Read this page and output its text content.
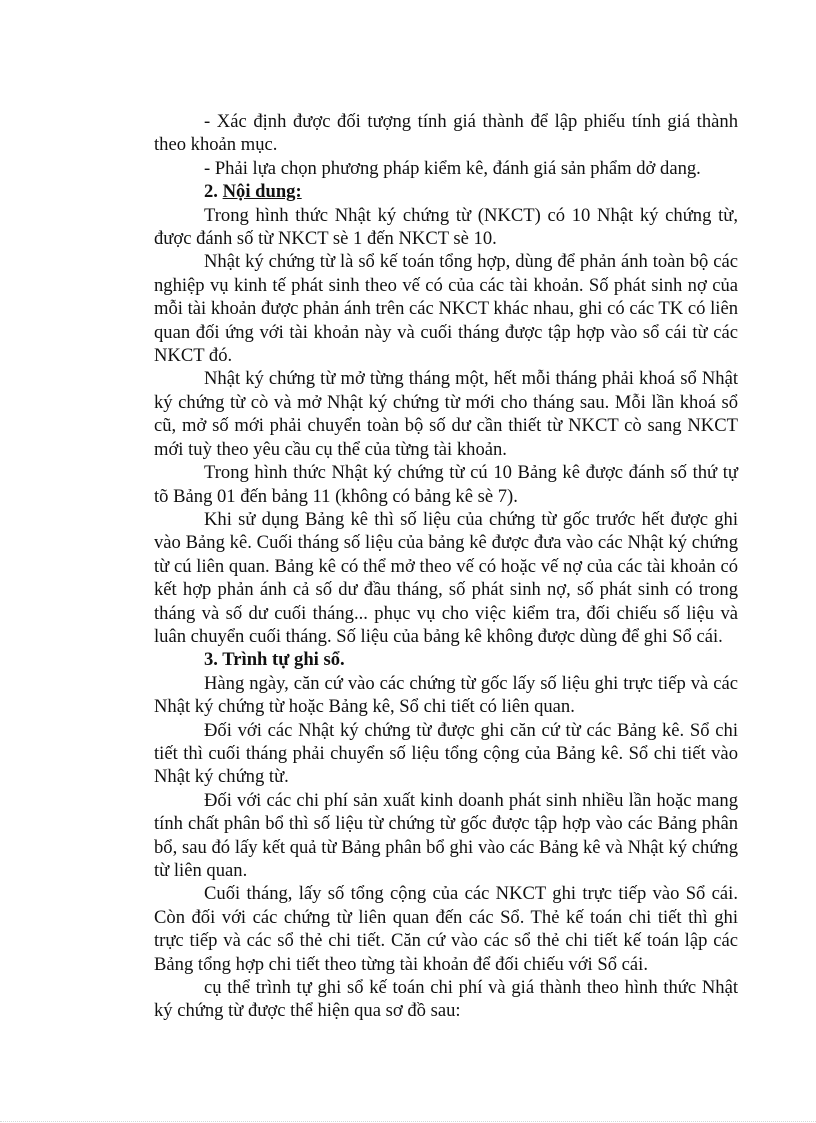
- Xác định được đối tượng tính giá thành để lập phiếu tính giá thành theo khoản mục.

- Phải lựa chọn phương pháp kiểm kê, đánh giá sản phẩm dở dang.

2. Nội dung:

Trong hình thức Nhật ký chứng từ (NKCT) có 10 Nhật ký chứng từ, được đánh số từ NKCT sè 1 đến NKCT sè 10.

Nhật ký chứng từ là sổ kế toán tổng hợp, dùng để phản ánh toàn bộ các nghiệp vụ kinh tế phát sinh theo vế có của các tài khoản. Số phát sinh nợ của mỗi tài khoản được phản ánh trên các NKCT khác nhau, ghi có các TK có liên quan đối ứng với tài khoản này và cuối tháng được tập hợp vào sổ cái từ các NKCT đó.

Nhật ký chứng từ mở từng tháng một, hết mỗi tháng phải khoá sổ Nhật ký chứng từ cò và mở Nhật ký chứng từ mới cho tháng sau. Mỗi lần khoá sổ cũ, mở số mới phải chuyển toàn bộ số dư cần thiết từ NKCT cò sang NKCT mới tuỳ theo yêu cầu cụ thể của từng tài khoản.

Trong hình thức Nhật ký chứng từ cú 10 Bảng kê được đánh số thứ tự tõ Bảng 01 đến bảng 11 (không có bảng kê sè 7).

Khi sử dụng Bảng kê thì số liệu của chứng từ gốc trước hết được ghi vào Bảng kê. Cuối tháng số liệu của bảng kê được đưa vào các Nhật ký chứng từ cú liên quan. Bảng kê có thể mở theo vế có hoặc vế nợ của các tài khoản có kết hợp phản ánh cả số dư đầu tháng, số phát sinh nợ, số phát sinh có trong tháng và số dư cuối tháng... phục vụ cho việc kiểm tra, đối chiếu số liệu và luân chuyển cuối tháng. Số liệu của bảng kê không được dùng để ghi Sổ cái.

3. Trình tự ghi sổ.

Hàng ngày, căn cứ vào các chứng từ gốc lấy số liệu ghi trực tiếp và các Nhật ký chứng từ hoặc Bảng kê, Sổ chi tiết có liên quan.

Đối với các Nhật ký chứng từ được ghi căn cứ từ các Bảng kê. Sổ chi tiết thì cuối tháng phải chuyển số liệu tổng cộng của Bảng kê. Sổ chi tiết vào Nhật ký chứng từ.

Đối với các chi phí sản xuất kinh doanh phát sinh nhiều lần hoặc mang tính chất phân bổ thì số liệu từ chứng từ gốc được tập hợp vào các Bảng phân bổ, sau đó lấy kết quả từ Bảng phân bổ ghi vào các Bảng kê và Nhật ký chứng từ liên quan.

Cuối tháng, lấy số tổng cộng của các NKCT ghi trực tiếp vào Sổ cái. Còn đối với các chứng từ liên quan đến các Sổ. Thẻ kế toán chi tiết thì ghi trực tiếp và các sổ thẻ chi tiết. Căn cứ vào các sổ thẻ chi tiết kế toán lập các Bảng tổng hợp chi tiết theo từng tài khoản để đối chiếu với Sổ cái.

cụ thể trình tự ghi sổ kế toán chi phí và giá thành theo hình thức Nhật ký chứng từ được thể hiện qua sơ đồ sau:
